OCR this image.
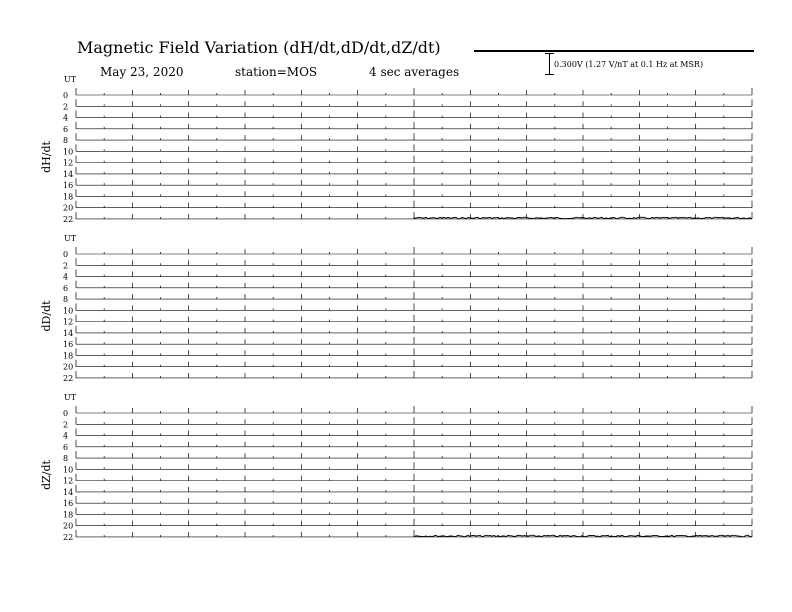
Magnetic Field Variation (dH/dt,dD/dt,dZ/dt)
May 23, 2020	station=MOS	4 sec averages
0.300V (1.27 V/nT at 0.1 Hz at MSR)
UT
dH/dt
0
2
4
6
8
10
12
14
16
18
20
22
UT
dD/dt
0
2
4
6
8
10
12
14
16
18
20
22
UT
dZ/dt
0
2
4
6
8
10
12
14
16
18
20
22
